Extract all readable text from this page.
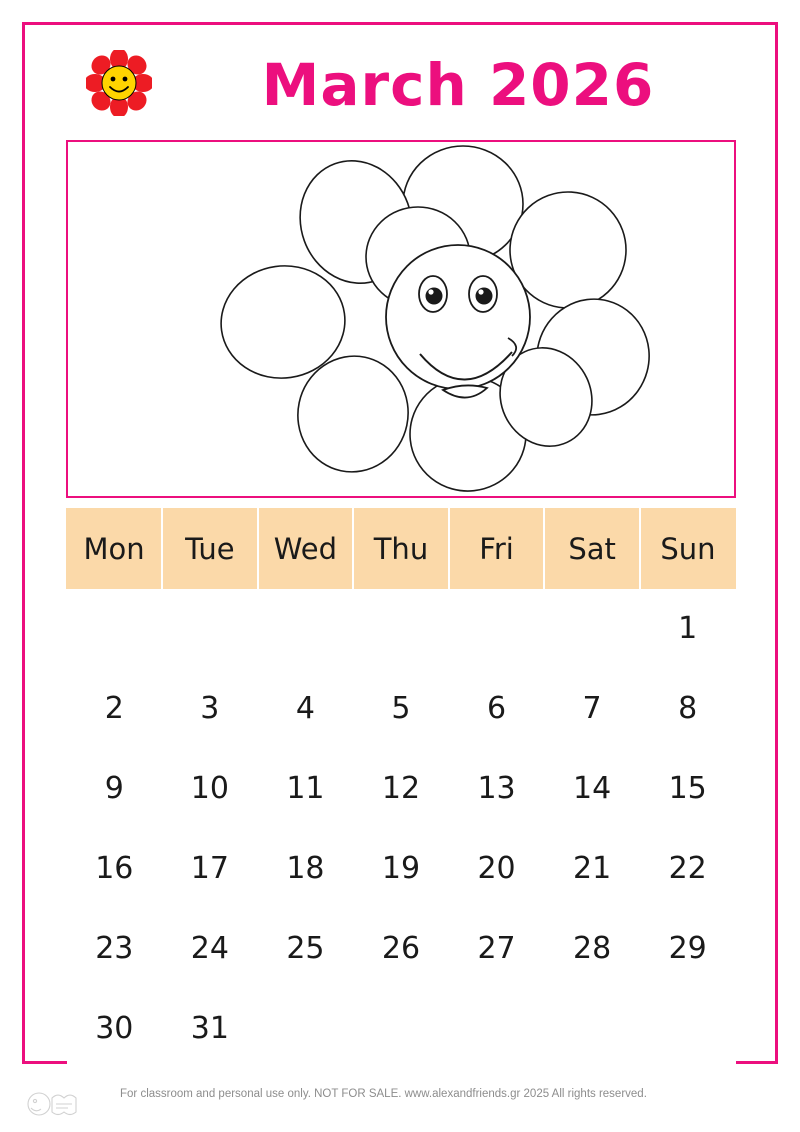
March 2026
Mon	Tue	Wed	Thu	Fri	Sat	Sun
						1
2	3	4	5	6	7	8
9	10	11	12	13	14	15
16	17	18	19	20	21	22
23	24	25	26	27	28	29
30	31					
For classroom and personal use only. NOT FOR SALE. www.alexandfriends.gr 2025 All rights reserved.
